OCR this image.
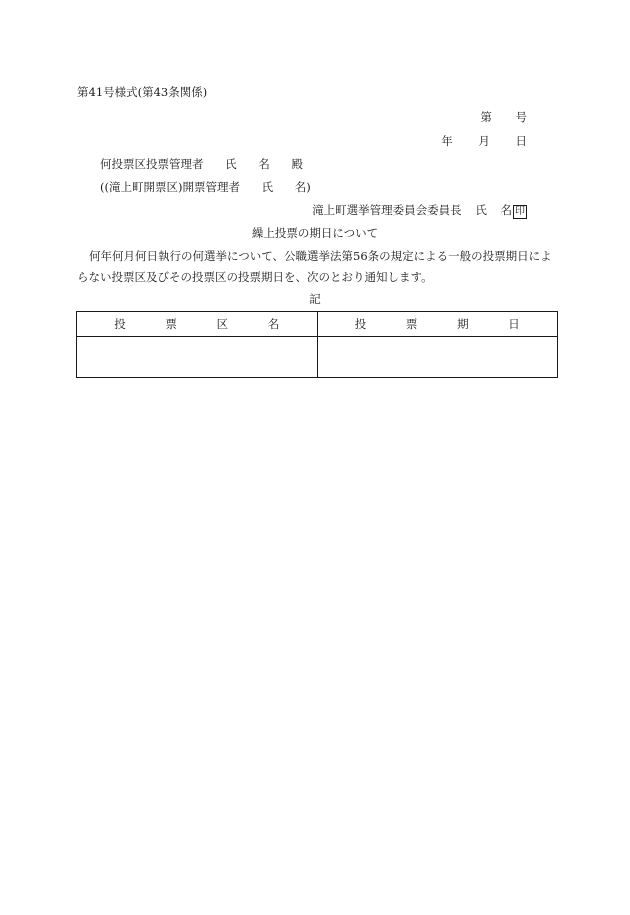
第41号様式(第43条関係)
第 号
年 月 日
何投票区投票管理者 氏 名 殿
((滝上町開票区)開票管理者 氏 名)
滝上町選挙管理委員会委員長 氏 名 印
繰上投票の期日について
何年何月何日執行の何選挙について、公職選挙法第56条の規定による一般の投票期日によらない投票区及びその投票区の投票期日を、次のとおり通知します。
記
投 票 区 名	投 票 期 日
